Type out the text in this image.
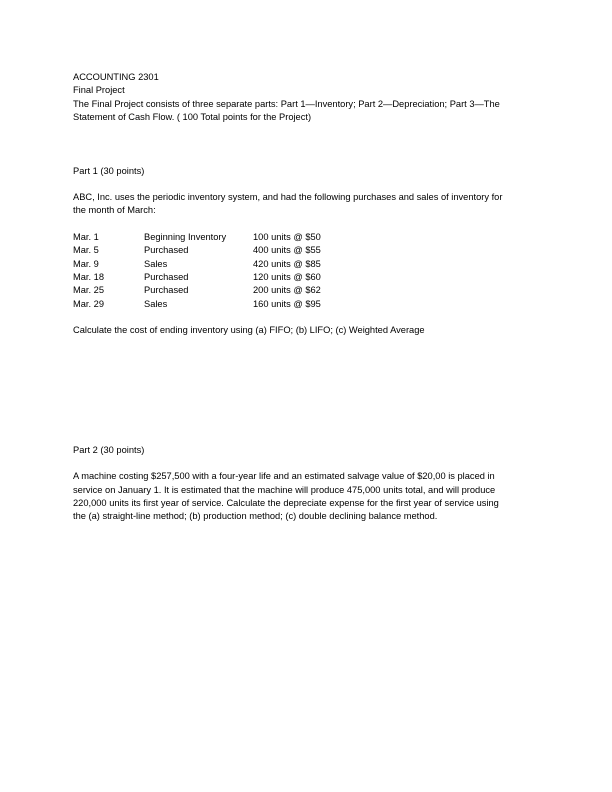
ACCOUNTING 2301
Final Project
The Final Project consists of three separate parts: Part 1—Inventory; Part 2—Depreciation; Part 3—The
Statement of Cash Flow. ( 100 Total points for the Project)
Part 1 (30 points)
ABC, Inc. uses the periodic inventory system, and had the following purchases and sales of inventory for
the month of March:
Mar. 1	Beginning Inventory	100 units @ $50
Mar. 5	Purchased	400 units @ $55
Mar. 9	Sales	420 units @ $85
Mar. 18	Purchased	120 units @ $60
Mar. 25	Purchased	200 units @ $62
Mar. 29	Sales	160 units @ $95
Calculate the cost of ending inventory using (a) FIFO; (b) LIFO; (c) Weighted Average
Part 2 (30 points)
A machine costing $257,500 with a four-year life and an estimated salvage value of $20,00 is placed in
service on January 1. It is estimated that the machine will produce 475,000 units total, and will produce
220,000 units its first year of service. Calculate the depreciate expense for the first year of service using
the (a) straight-line method; (b) production method; (c) double declining balance method.
